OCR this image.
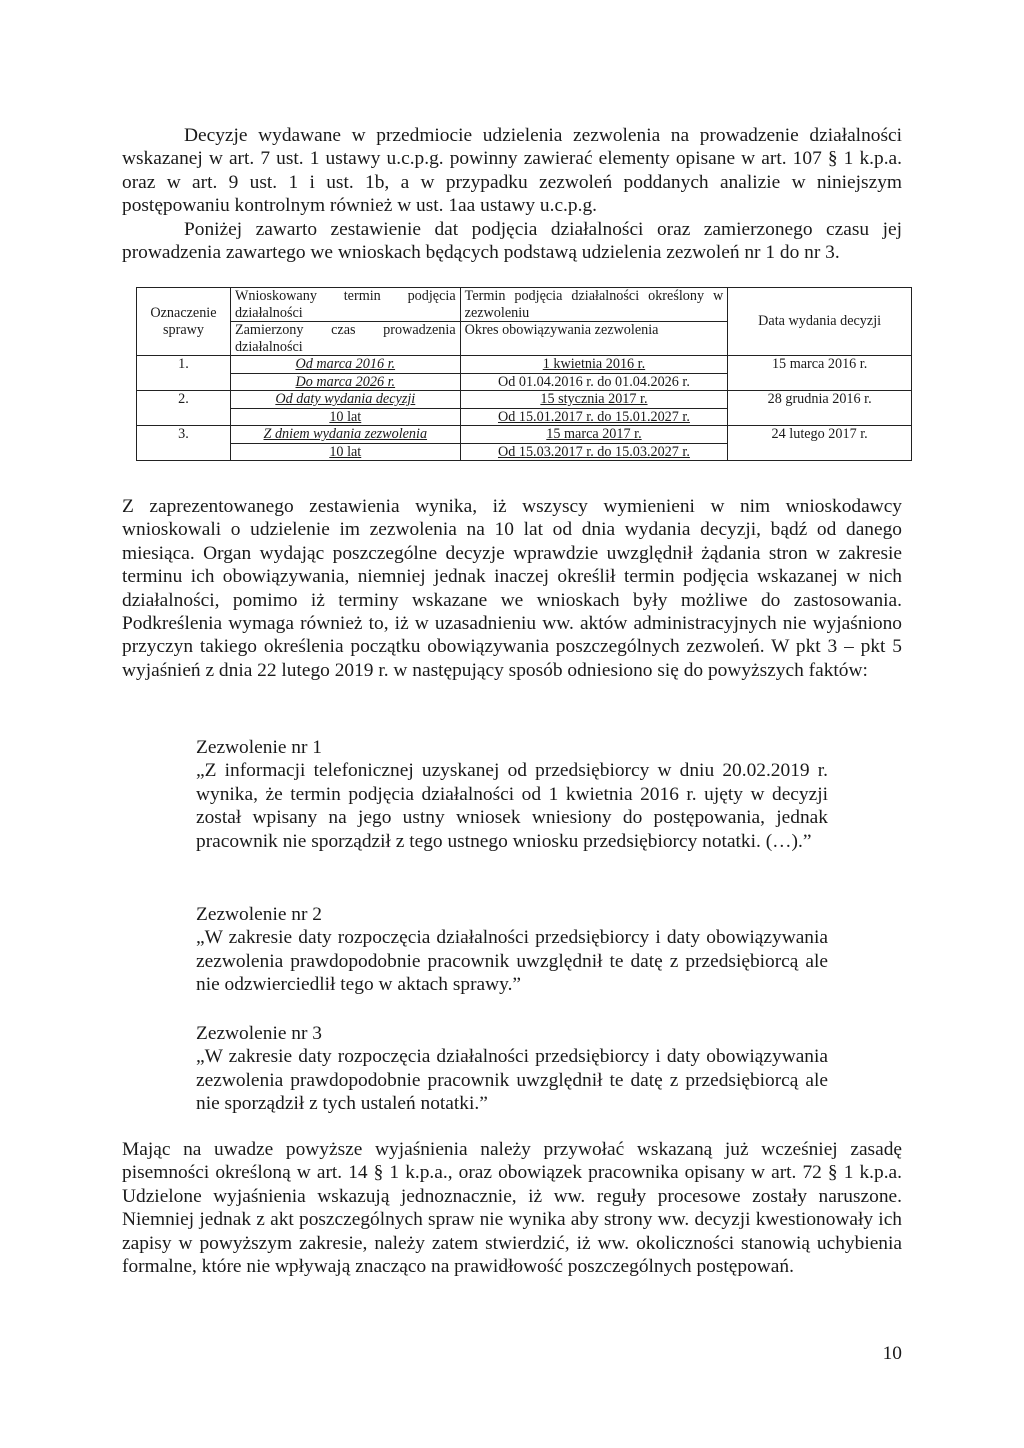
Decyzje wydawane w przedmiocie udzielenia zezwolenia na prowadzenie działalności wskazanej w art. 7 ust. 1 ustawy u.c.p.g. powinny zawierać elementy opisane w art. 107 § 1 k.p.a. oraz w art. 9 ust. 1 i ust. 1b, a w przypadku zezwoleń poddanych analizie w niniejszym postępowaniu kontrolnym również w ust. 1aa ustawy u.c.p.g.

Poniżej zawarto zestawienie dat podjęcia działalności oraz zamierzonego czasu jej prowadzenia zawartego we wnioskach będących podstawą udzielenia zezwoleń nr 1 do nr 3.

Oznaczenie sprawy	Wnioskowany termin podjęcia działalności	Termin podjęcia działalności określony w zezwoleniu	Data wydania decyzji
	Zamierzony czas prowadzenia działalności	Okres obowiązywania zezwolenia	
1.	Od marca 2016 r.	1 kwietnia 2016 r.	15 marca 2016 r.
	Do marca 2026 r.	Od 01.04.2016 r. do 01.04.2026 r.	
2.	Od daty wydania decyzji	15 stycznia 2017 r.	28 grudnia 2016 r.
	10 lat	Od 15.01.2017 r. do 15.01.2027 r.	
3.	Z dniem wydania zezwolenia	15 marca 2017 r.	24 lutego 2017 r.
	10 lat	Od 15.03.2017 r. do 15.03.2027 r.	

Z zaprezentowanego zestawienia wynika, iż wszyscy wymienieni w nim wnioskodawcy wnioskowali o udzielenie im zezwolenia na 10 lat od dnia wydania decyzji, bądź od danego miesiąca. Organ wydając poszczególne decyzje wprawdzie uwzględnił żądania stron w zakresie terminu ich obowiązywania, niemniej jednak inaczej określił termin podjęcia wskazanej w nich działalności, pomimo iż terminy wskazane we wnioskach były możliwe do zastosowania. Podkreślenia wymaga również to, iż w uzasadnieniu ww. aktów administracyjnych nie wyjaśniono przyczyn takiego określenia początku obowiązywania poszczególnych zezwoleń. W pkt 3 – pkt 5 wyjaśnień z dnia 22 lutego 2019 r. w następujący sposób odniesiono się do powyższych faktów:

Zezwolenie nr 1
„Z informacji telefonicznej uzyskanej od przedsiębiorcy w dniu 20.02.2019 r. wynika, że termin podjęcia działalności od 1 kwietnia 2016 r. ujęty w decyzji został wpisany na jego ustny wniosek wniesiony do postępowania, jednak pracownik nie sporządził z tego ustnego wniosku przedsiębiorcy notatki. (…).”
Zezwolenie nr 2
„W zakresie daty rozpoczęcia działalności przedsiębiorcy i daty obowiązywania zezwolenia prawdopodobnie pracownik uwzględnił te datę z przedsiębiorcą ale nie odzwierciedlił tego w aktach sprawy.”
Zezwolenie nr 3
„W zakresie daty rozpoczęcia działalności przedsiębiorcy i daty obowiązywania zezwolenia prawdopodobnie pracownik uwzględnił te datę z przedsiębiorcą ale nie sporządził z tych ustaleń notatki.”

Mając na uwadze powyższe wyjaśnienia należy przywołać wskazaną już wcześniej zasadę pisemności określoną w art. 14 § 1 k.p.a., oraz obowiązek pracownika opisany w art. 72 § 1 k.p.a. Udzielone wyjaśnienia wskazują jednoznacznie, iż ww. reguły procesowe zostały naruszone. Niemniej jednak z akt poszczególnych spraw nie wynika aby strony ww. decyzji kwestionowały ich zapisy w powyższym zakresie, należy zatem stwierdzić, iż ww. okoliczności stanowią uchybienia formalne, które nie wpływają znacząco na prawidłowość poszczególnych postępowań.

10
